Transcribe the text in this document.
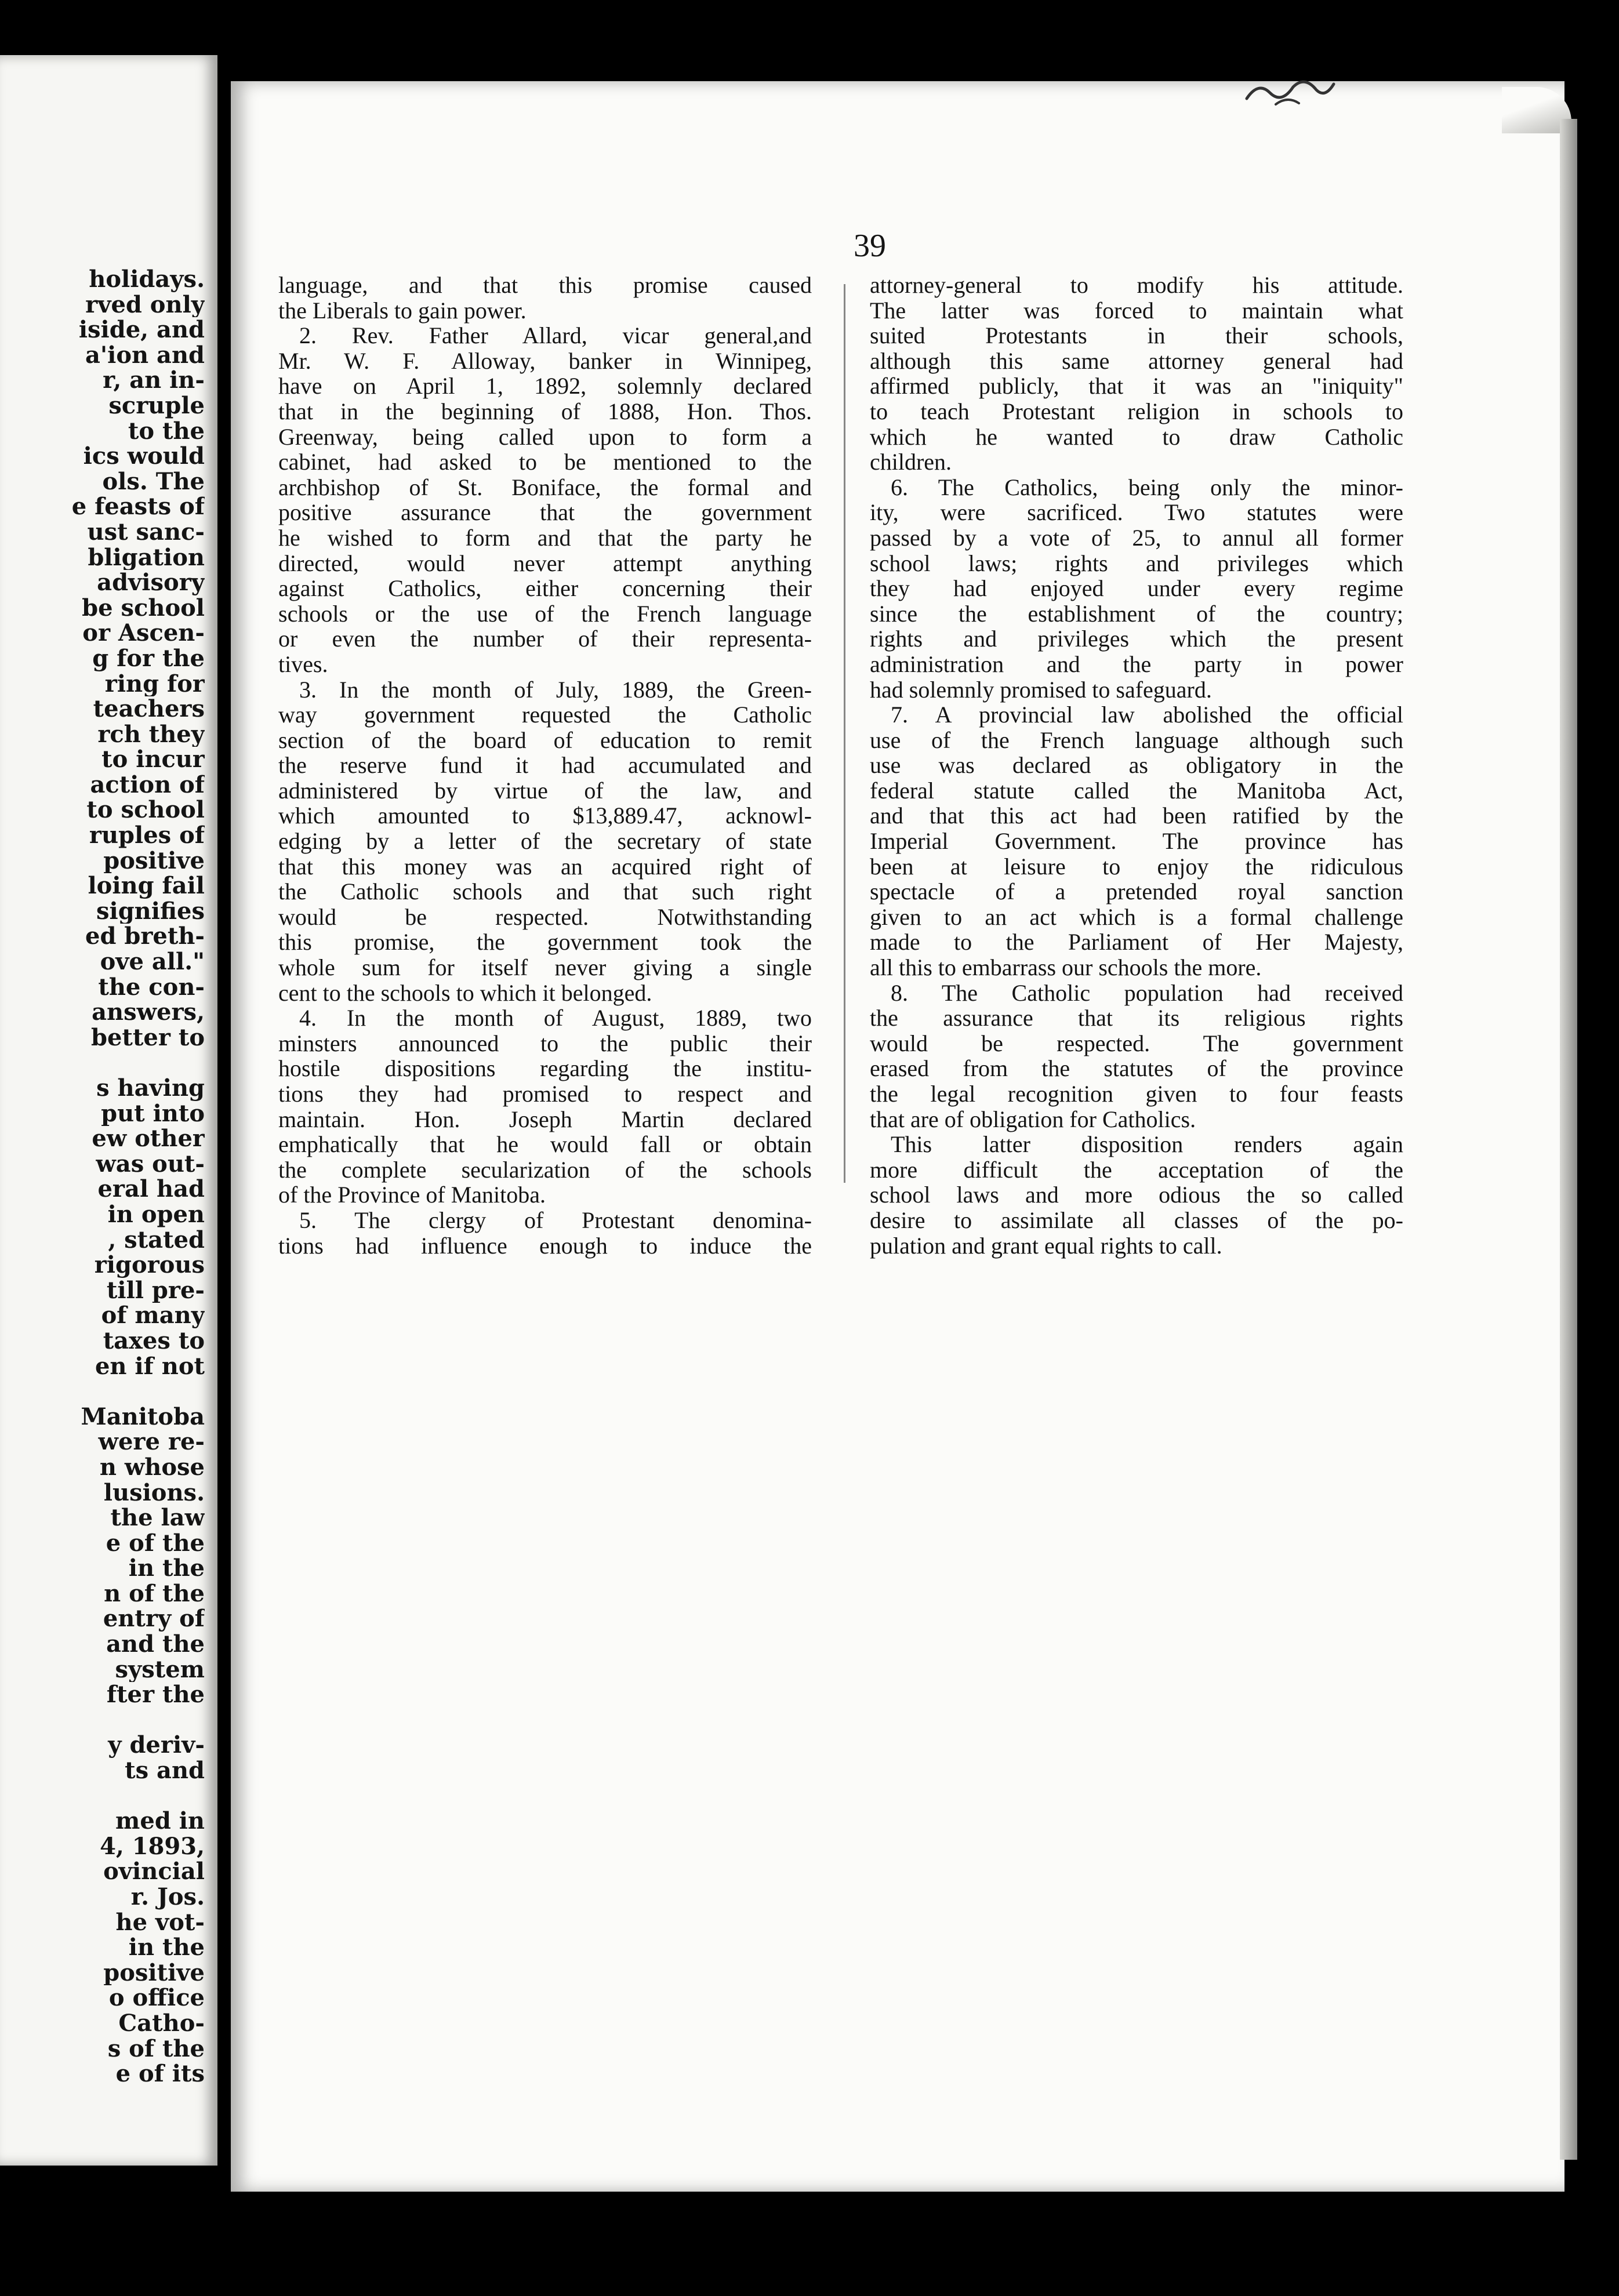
holidays.
rved only
iside, and
a'ion and
r, an in-
scruple
to the
ics would
ols. The
e feasts of
ust sanc-
bligation
advisory
be school
or Ascen-
g for the
ring for
teachers
rch they
to incur
action of
to school
ruples of
positive
loing fail
signifies
ed breth-
ove all."
the con-
answers,
better to
s having
put into
ew other
was out-
eral had
in open
, stated
rigorous
till pre-
of many
taxes to
en if not
Manitoba
were re-
n whose
lusions.
the law
e of the
in the
n of the
entry of
and the
system
fter the
y deriv-
ts and
med in
4, 1893,
ovincial
r. Jos.
he vot-
in the
positive
o office
Catho-
s of the
e of its
39

language, and that this promise caused
the Liberals to gain power.
2. Rev. Father Allard, vicar general,and
Mr. W. F. Alloway, banker in Winnipeg,
have on April 1, 1892, solemnly declared
that in the beginning of 1888, Hon. Thos.
Greenway, being called upon to form a
cabinet, had asked to be mentioned to the
archbishop of St. Boniface, the formal and
positive assurance that the government
he wished to form and that the party he
directed, would never attempt anything
against Catholics, either concerning their
schools or the use of the French language
or even the number of their representa-
tives.
3. In the month of July, 1889, the Green-
way government requested the Catholic
section of the board of education to remit
the reserve fund it had accumulated and
administered by virtue of the law, and
which amounted to $13,889.47, acknowl-
edging by a letter of the secretary of state
that this money was an acquired right of
the Catholic schools and that such right
would be respected. Notwithstanding
this promise, the government took the
whole sum for itself never giving a single
cent to the schools to which it belonged.
4. In the month of August, 1889, two
minsters announced to the public their
hostile dispositions regarding the institu-
tions they had promised to respect and
maintain. Hon. Joseph Martin declared
emphatically that he would fall or obtain
the complete secularization of the schools
of the Province of Manitoba.
5. The clergy of Protestant denomina-
tions had influence enough to induce the
attorney-general to modify his attitude.
The latter was forced to maintain what
suited Protestants in their schools,
although this same attorney general had
affirmed publicly, that it was an "iniquity"
to teach Protestant religion in schools to
which he wanted to draw Catholic
children.
6. The Catholics, being only the minor-
ity, were sacrificed. Two statutes were
passed by a vote of 25, to annul all former
school laws; rights and privileges which
they had enjoyed under every regime
since the establishment of the country;
rights and privileges which the present
administration and the party in power
had solemnly promised to safeguard.
7. A provincial law abolished the official
use of the French language although such
use was declared as obligatory in the
federal statute called the Manitoba Act,
and that this act had been ratified by the
Imperial Government. The province has
been at leisure to enjoy the ridiculous
spectacle of a pretended royal sanction
given to an act which is a formal challenge
made to the Parliament of Her Majesty,
all this to embarrass our schools the more.
8. The Catholic population had received
the assurance that its religious rights
would be respected. The government
erased from the statutes of the province
the legal recognition given to four feasts
that are of obligation for Catholics.
This latter disposition renders again
more difficult the acceptation of the
school laws and more odious the so called
desire to assimilate all classes of the po-
pulation and grant equal rights to call.
